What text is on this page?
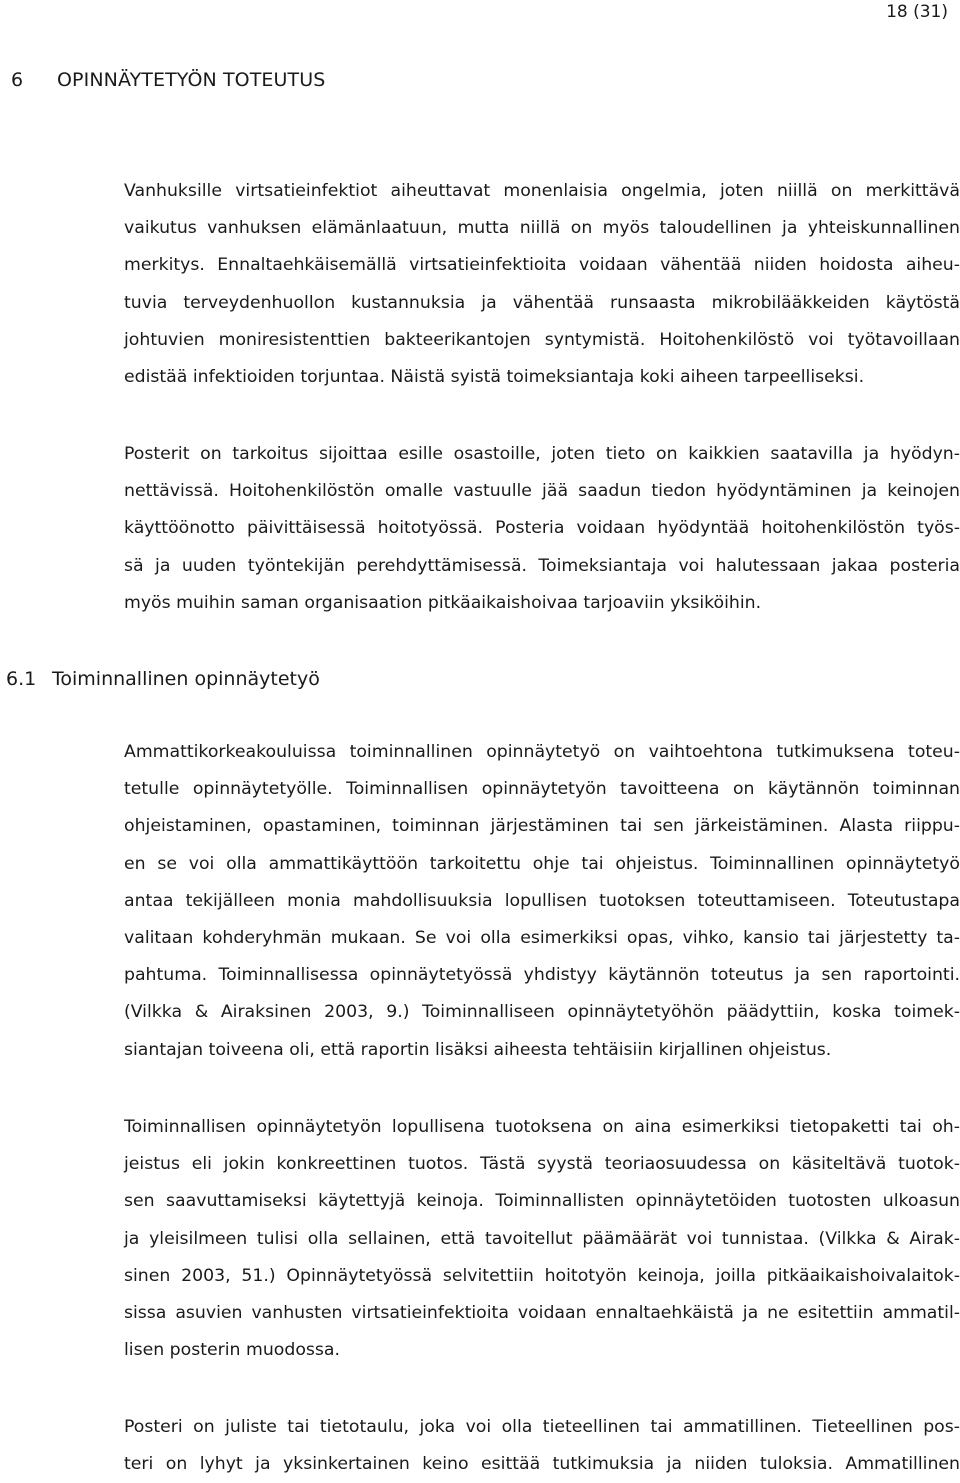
18 (31)
6 OPINNÄYTETYÖN TOTEUTUS

Vanhuksille virtsatieinfektiot aiheuttavat monenlaisia ongelmia, joten niillä on merkittävä
vaikutus vanhuksen elämänlaatuun, mutta niillä on myös taloudellinen ja yhteiskunnallinen
merkitys. Ennaltaehkäisemällä virtsatieinfektioita voidaan vähentää niiden hoidosta aiheu-
tuvia terveydenhuollon kustannuksia ja vähentää runsaasta mikrobilääkkeiden käytöstä
johtuvien moniresistenttien bakteerikantojen syntymistä. Hoitohenkilöstö voi työtavoillaan
edistää infektioiden torjuntaa. Näistä syistä toimeksiantaja koki aiheen tarpeelliseksi.

Posterit on tarkoitus sijoittaa esille osastoille, joten tieto on kaikkien saatavilla ja hyödyn-
nettävissä. Hoitohenkilöstön omalle vastuulle jää saadun tiedon hyödyntäminen ja keinojen
käyttöönotto päivittäisessä hoitotyössä. Posteria voidaan hyödyntää hoitohenkilöstön työs-
sä ja uuden työntekijän perehdyttämisessä. Toimeksiantaja voi halutessaan jakaa posteria
myös muihin saman organisaation pitkäaikaishoivaa tarjoaviin yksiköihin.

6.1 Toiminnallinen opinnäytetyö

Ammattikorkeakouluissa toiminnallinen opinnäytetyö on vaihtoehtona tutkimuksena toteu-
tetulle opinnäytetyölle. Toiminnallisen opinnäytetyön tavoitteena on käytännön toiminnan
ohjeistaminen, opastaminen, toiminnan järjestäminen tai sen järkeistäminen. Alasta riippu-
en se voi olla ammattikäyttöön tarkoitettu ohje tai ohjeistus. Toiminnallinen opinnäytetyö
antaa tekijälleen monia mahdollisuuksia lopullisen tuotoksen toteuttamiseen. Toteutustapa
valitaan kohderyhmän mukaan. Se voi olla esimerkiksi opas, vihko, kansio tai järjestetty ta-
pahtuma. Toiminnallisessa opinnäytetyössä yhdistyy käytännön toteutus ja sen raportointi.
(Vilkka & Airaksinen 2003, 9.) Toiminnalliseen opinnäytetyöhön päädyttiin, koska toimek-
siantajan toiveena oli, että raportin lisäksi aiheesta tehtäisiin kirjallinen ohjeistus.

Toiminnallisen opinnäytetyön lopullisena tuotoksena on aina esimerkiksi tietopaketti tai oh-
jeistus eli jokin konkreettinen tuotos. Tästä syystä teoriaosuudessa on käsiteltävä tuotok-
sen saavuttamiseksi käytettyjä keinoja. Toiminnallisten opinnäytetöiden tuotosten ulkoasun
ja yleisilmeen tulisi olla sellainen, että tavoitellut päämäärät voi tunnistaa. (Vilkka & Airak-
sinen 2003, 51.) Opinnäytetyössä selvitettiin hoitotyön keinoja, joilla pitkäaikaishoivalaitok-
sissa asuvien vanhusten virtsatieinfektioita voidaan ennaltaehkäistä ja ne esitettiin ammatil-
lisen posterin muodossa.

Posteri on juliste tai tietotaulu, joka voi olla tieteellinen tai ammatillinen. Tieteellinen pos-
teri on lyhyt ja yksinkertainen keino esittää tutkimuksia ja niiden tuloksia. Ammatillinen
